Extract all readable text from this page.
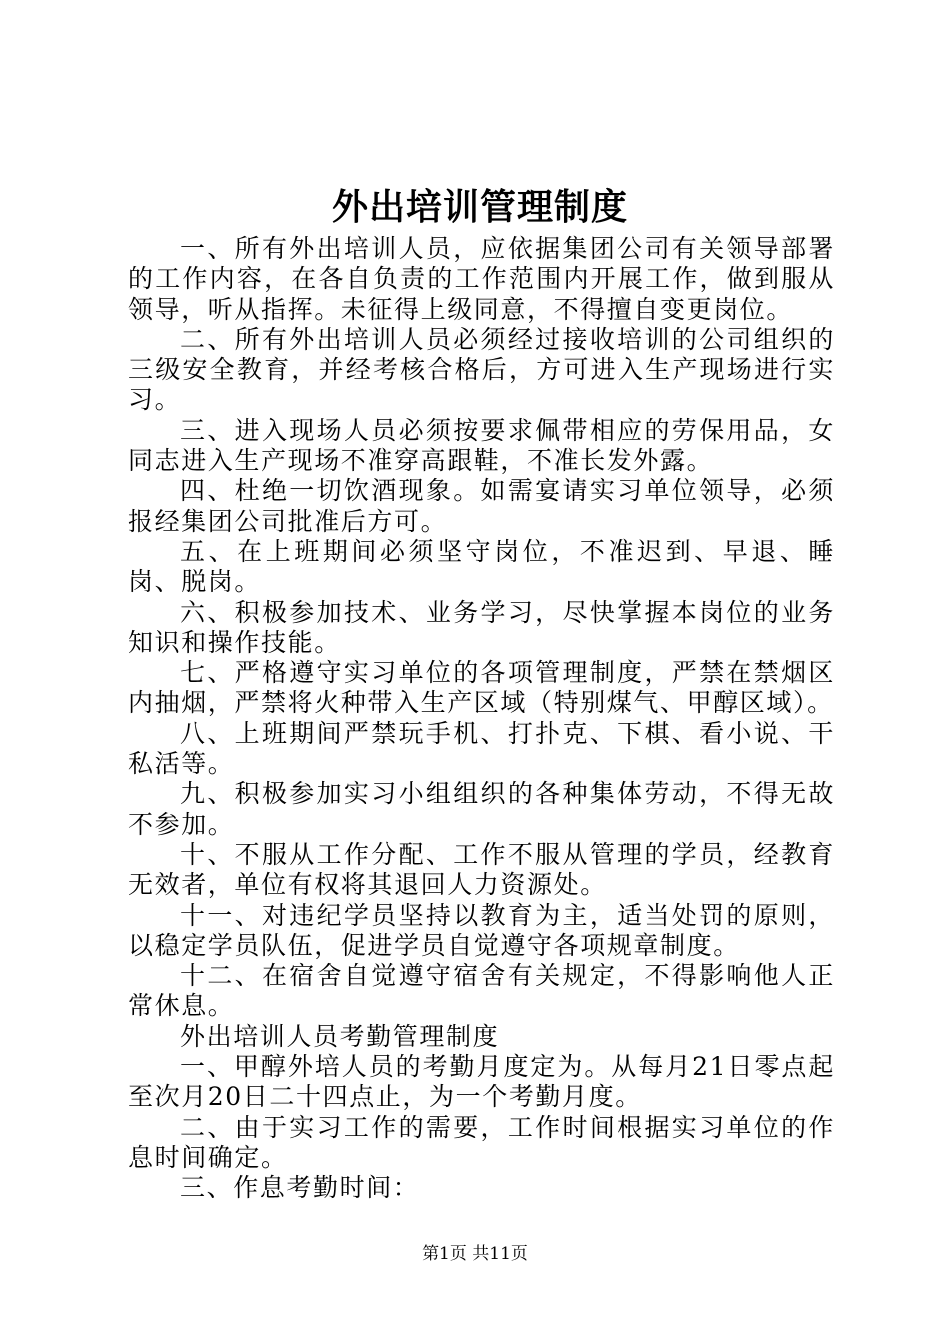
外出培训管理制度

一、所有外出培训人员，应依据集团公司有关领导部署的工作内容，在各自负责的工作范围内开展工作，做到服从领导，听从指挥。未征得上级同意，不得擅自变更岗位。

二、所有外出培训人员必须经过接收培训的公司组织的三级安全教育，并经考核合格后，方可进入生产现场进行实习。

三、进入现场人员必须按要求佩带相应的劳保用品，女同志进入生产现场不准穿高跟鞋，不准长发外露。

四、杜绝一切饮酒现象。如需宴请实习单位领导，必须报经集团公司批准后方可。

五、在上班期间必须坚守岗位，不准迟到、早退、睡岗、脱岗。

六、积极参加技术、业务学习，尽快掌握本岗位的业务知识和操作技能。

七、严格遵守实习单位的各项管理制度，严禁在禁烟区内抽烟，严禁将火种带入生产区域（特别煤气、甲醇区域）。

八、上班期间严禁玩手机、打扑克、下棋、看小说、干私活等。

九、积极参加实习小组组织的各种集体劳动，不得无故不参加。

十、不服从工作分配、工作不服从管理的学员，经教育无效者，单位有权将其退回人力资源处。

十一、对违纪学员坚持以教育为主，适当处罚的原则，以稳定学员队伍，促进学员自觉遵守各项规章制度。

十二、在宿舍自觉遵守宿舍有关规定，不得影响他人正常休息。

外出培训人员考勤管理制度

一、甲醇外培人员的考勤月度定为。从每月21日零点起至次月20日二十四点止，为一个考勤月度。

二、由于实习工作的需要，工作时间根据实习单位的作息时间确定。

三、作息考勤时间：

第1页 共11页
